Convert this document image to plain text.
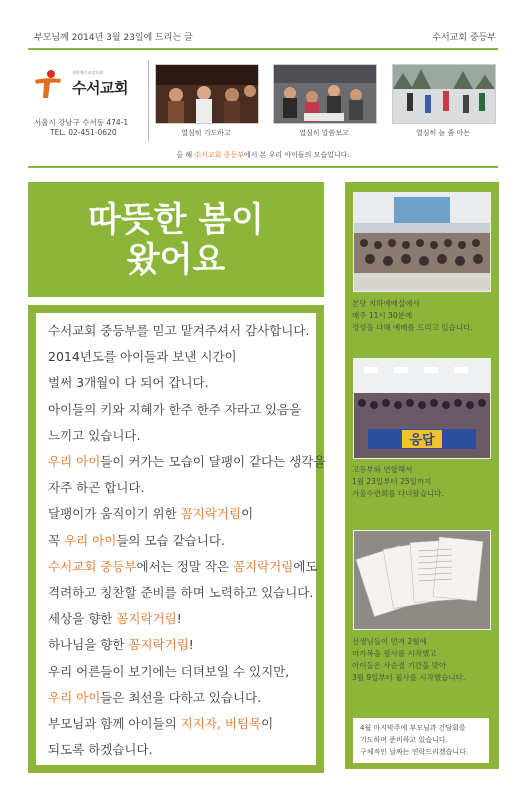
부모님께 2014년 3월 23일에 드리는 글	수서교회 중등부
대한예수교장로회
수서교회
서울시 강남구 수서동 474-1
TEL. 02-451-0620	열심히 기도하고	열심히 말씀보고	열심히 놀 줄 아는
올 해 수서교회 중등부에서 본 우리 아이들의 모습입니다.
따뜻한 봄이
왔어요
수서교회 중등부를 믿고 맡겨주셔서 감사합니다.
2014년도를 아이들과 보낸 시간이
벌써 3개월이 다 되어 갑니다.
아이들의 키와 지혜가 한주 한주 자라고 있음을
느끼고 있습니다.
우리 아이들이 커가는 모습이 달팽이 같다는 생각을
자주 하곤 합니다.
달팽이가 움직이기 위한 꼼지락거림이
꼭 우리 아이들의 모습 같습니다.
수서교회 중등부에서는 정말 작은 꼼지락거림에도
격려하고 칭찬할 준비를 하며 노력하고 있습니다.
세상을 향한 꼼지락거림!
하나님을 향한 꼼지락거림!
우리 어른들이 보기에는 더뎌보일 수 있지만,
우리 아이들은 최선을 다하고 있습니다.
부모님과 함께 아이들의 지지자, 버팀목이
되도록 하겠습니다.
본당 지하예배실에서
매주 11시 30분에
정성을 다해 예배를 드리고 있습니다.
응답
고등부와 연합해서
1월 23일부터 25일까지
겨울수련회를 다녀왔습니다.
선생님들이 먼저 2월에
마가복음 필사를 시작했고
아이들은 사순절 기간을 맞아
3월 9일부터 필사를 시작했습니다.
4월 마지막주에 부모님과 간담회를
기도하며 준비하고 있습니다.
구체적인 날짜는 연락드리겠습니다.
